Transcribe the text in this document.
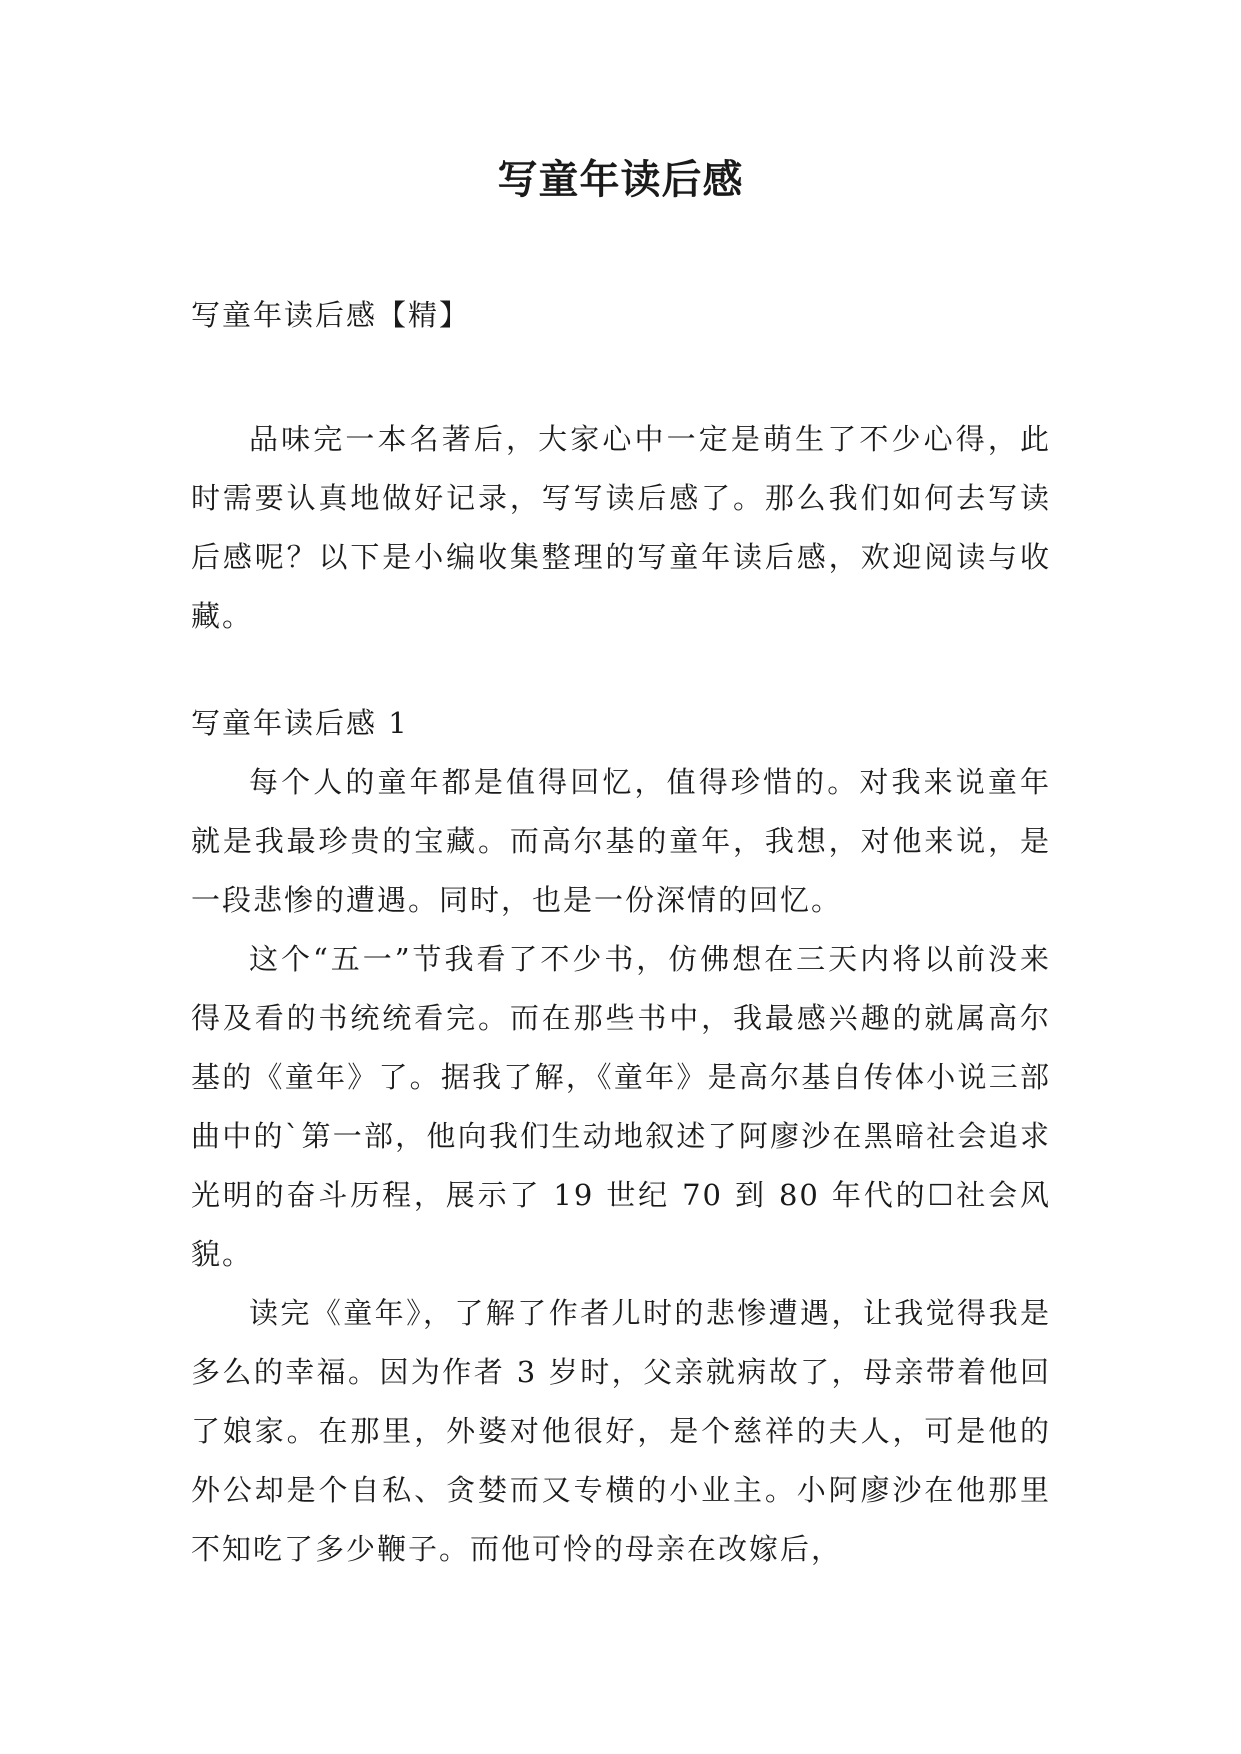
写童年读后感

写童年读后感【精】

品味完一本名著后，大家心中一定是萌生了不少心得，此时需要认真地做好记录，写写读后感了。那么我们如何去写读后感呢？以下是小编收集整理的写童年读后感，欢迎阅读与收藏。

写童年读后感 1

每个人的童年都是值得回忆，值得珍惜的。对我来说童年就是我最珍贵的宝藏。而高尔基的童年，我想，对他来说，是一段悲惨的遭遇。同时，也是一份深情的回忆。

这个“五一”节我看了不少书，仿佛想在三天内将以前没来得及看的书统统看完。而在那些书中，我最感兴趣的就属高尔基的《童年》了。据我了解，《童年》是高尔基自传体小说三部曲中的`第一部，他向我们生动地叙述了阿廖沙在黑暗社会追求光明的奋斗历程，展示了 19 世纪 70 到 80 年代的☐社会风貌。

读完《童年》，了解了作者儿时的悲惨遭遇，让我觉得我是多么的幸福。因为作者 3 岁时，父亲就病故了，母亲带着他回了娘家。在那里，外婆对他很好，是个慈祥的夫人，可是他的外公却是个自私、贪婪而又专横的小业主。小阿廖沙在他那里不知吃了多少鞭子。而他可怜的母亲在改嫁后，
